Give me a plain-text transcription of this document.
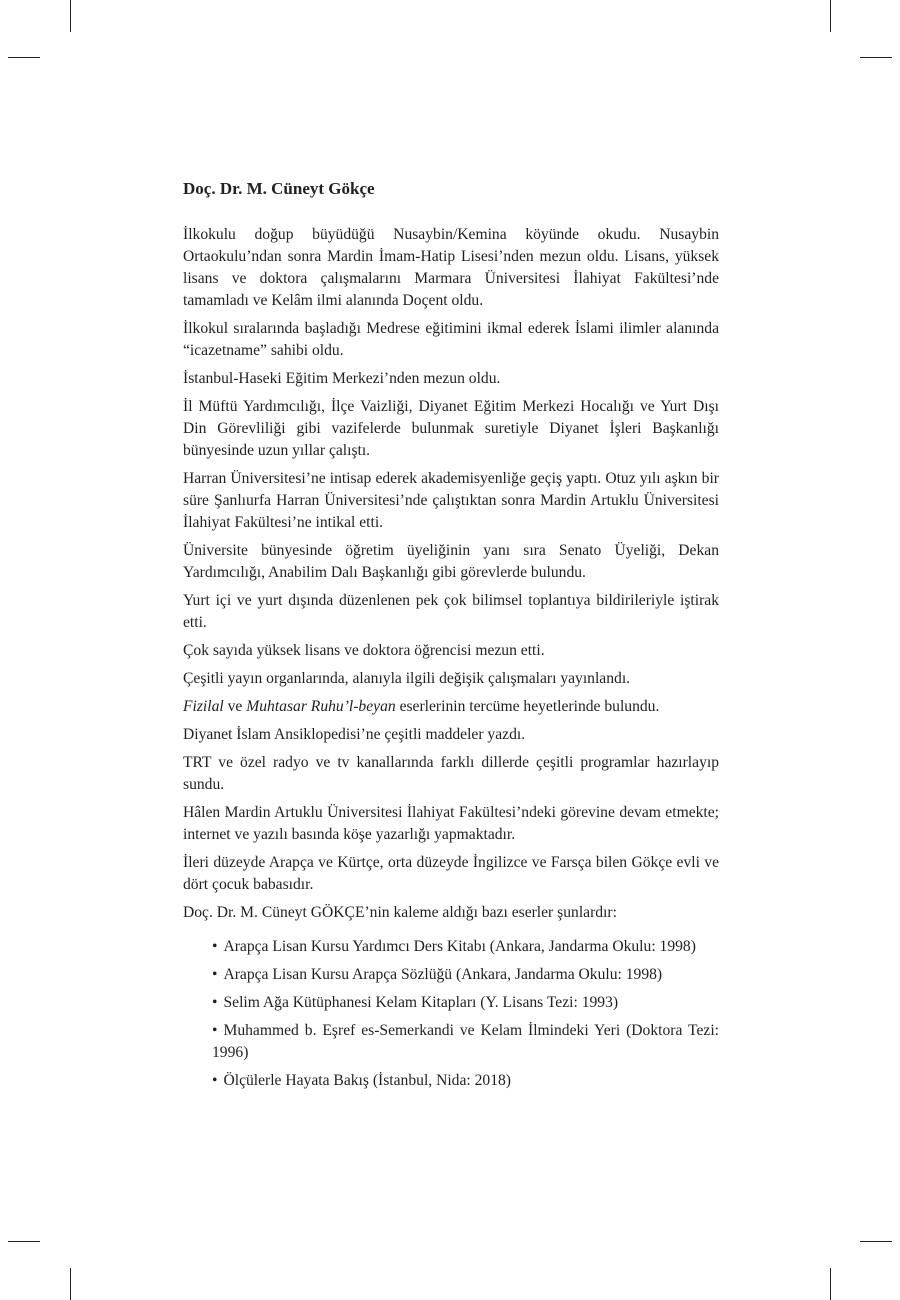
Doç. Dr. M. Cüneyt Gökçe

İlkokulu doğup büyüdüğü Nusaybin/Kemina köyünde okudu. Nusaybin Ortaokulu’ndan sonra Mardin İmam-Hatip Lisesi’nden mezun oldu. Lisans, yüksek lisans ve doktora çalışmalarını Marmara Üniversitesi İlahiyat Fakültesi’nde tamamladı ve Kelâm ilmi alanında Doçent oldu.

İlkokul sıralarında başladığı Medrese eğitimini ikmal ederek İslami ilimler alanında “icazetname” sahibi oldu.

İstanbul-Haseki Eğitim Merkezi’nden mezun oldu.

İl Müftü Yardımcılığı, İlçe Vaizliği, Diyanet Eğitim Merkezi Hocalığı ve Yurt Dışı Din Görevliliği gibi vazifelerde bulunmak suretiyle Diyanet İşleri Başkanlığı bünyesinde uzun yıllar çalıştı.

Harran Üniversitesi’ne intisap ederek akademisyenliğe geçiş yaptı. Otuz yılı aşkın bir süre Şanlıurfa Harran Üniversitesi’nde çalıştıktan sonra Mardin Artuklu Üniversitesi İlahiyat Fakültesi’ne intikal etti.

Üniversite bünyesinde öğretim üyeliğinin yanı sıra Senato Üyeliği, Dekan Yardımcılığı, Anabilim Dalı Başkanlığı gibi görevlerde bulundu.

Yurt içi ve yurt dışında düzenlenen pek çok bilimsel toplantıya bildirileriyle iştirak etti.

Çok sayıda yüksek lisans ve doktora öğrencisi mezun etti.

Çeşitli yayın organlarında, alanıyla ilgili değişik çalışmaları yayınlandı.

Fizilal ve Muhtasar Ruhu’l-beyan eserlerinin tercüme heyetlerinde bulundu.

Diyanet İslam Ansiklopedisi’ne çeşitli maddeler yazdı.

TRT ve özel radyo ve tv kanallarında farklı dillerde çeşitli programlar hazırlayıp sundu.

Hâlen Mardin Artuklu Üniversitesi İlahiyat Fakültesi’ndeki görevine devam etmekte; internet ve yazılı basında köşe yazarlığı yapmaktadır.

İleri düzeyde Arapça ve Kürtçe, orta düzeyde İngilizce ve Farsça bilen Gökçe evli ve dört çocuk babasıdır.

Doç. Dr. M. Cüneyt GÖKÇE’nin kaleme aldığı bazı eserler şunlardır:

• Arapça Lisan Kursu Yardımcı Ders Kitabı (Ankara, Jandarma Okulu: 1998)
• Arapça Lisan Kursu Arapça Sözlüğü (Ankara, Jandarma Okulu: 1998)
• Selim Ağa Kütüphanesi Kelam Kitapları (Y. Lisans Tezi: 1993)
• Muhammed b. Eşref es-Semerkandi ve Kelam İlmindeki Yeri (Doktora Tezi: 1996)
• Ölçülerle Hayata Bakış (İstanbul, Nida: 2018)
